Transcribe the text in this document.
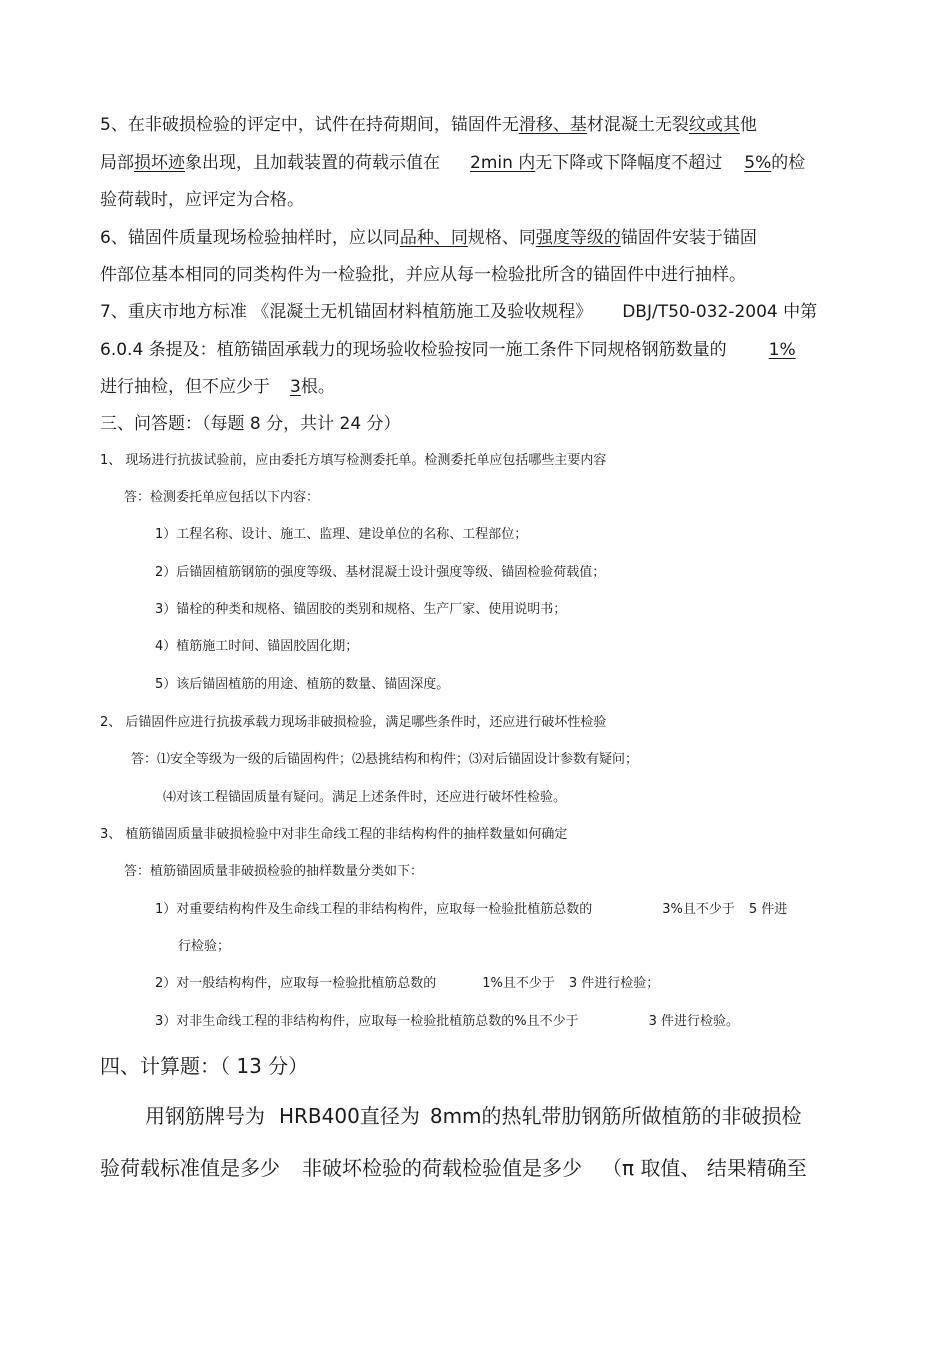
5、在非破损检验的评定中，试件在持荷期间，锚固件无滑移、基材混凝土无裂纹或其他
局部损坏迹象出现，且加载装置的荷载示值在 2min 内无下降或下降幅度不超过 5%的检
验荷载时，应评定为合格。
6、锚固件质量现场检验抽样时，应以同品种、同规格、同强度等级的锚固件安装于锚固
件部位基本相同的同类构件为一检验批，并应从每一检验批所含的锚固件中进行抽样。
7、重庆市地方标准 《混凝土无机锚固材料植筋施工及验收规程》 DBJ/T50-032-2004 中第
6.0.4 条提及：植筋锚固承载力的现场验收检验按同一施工条件下同规格钢筋数量的 1%
进行抽检，但不应少于 3根。
三、问答题：（每题 8 分，共计 24 分）
1、 现场进行抗拔试验前，应由委托方填写检测委托单。检测委托单应包括哪些主要内容
答：检测委托单应包括以下内容：
1）工程名称、设计、施工、监理、建设单位的名称、工程部位；
2）后锚固植筋钢筋的强度等级、基材混凝土设计强度等级、锚固检验荷载值；
3）锚栓的种类和规格、锚固胶的类别和规格、生产厂家、使用说明书；
4）植筋施工时间、锚固胶固化期；
5）该后锚固植筋的用途、植筋的数量、锚固深度。
2、 后锚固件应进行抗拔承载力现场非破损检验，满足哪些条件时，还应进行破坏性检验
答：⑴安全等级为一级的后锚固构件；⑵悬挑结构和构件；⑶对后锚固设计参数有疑问；
⑷对该工程锚固质量有疑问。满足上述条件时，还应进行破坏性检验。
3、 植筋锚固质量非破损检验中对非生命线工程的非结构构件的抽样数量如何确定
答：植筋锚固质量非破损检验的抽样数量分类如下：
1）对重要结构构件及生命线工程的非结构构件，应取每一检验批植筋总数的	3%且不少于 5 件进
行检验；
2）对一般结构构件，应取每一检验批植筋总数的	1%且不少于 3 件进行检验；
3）对非生命线工程的非结构构件，应取每一检验批植筋总数的%且不少于	3 件进行检验。
四、计算题：（ 13 分）
用钢筋牌号为 HRB400直径为 8mm的热轧带肋钢筋所做植筋的非破损检
验荷载标准值是多少 非破坏检验的荷载检验值是多少 （π 取值、 结果精确至
